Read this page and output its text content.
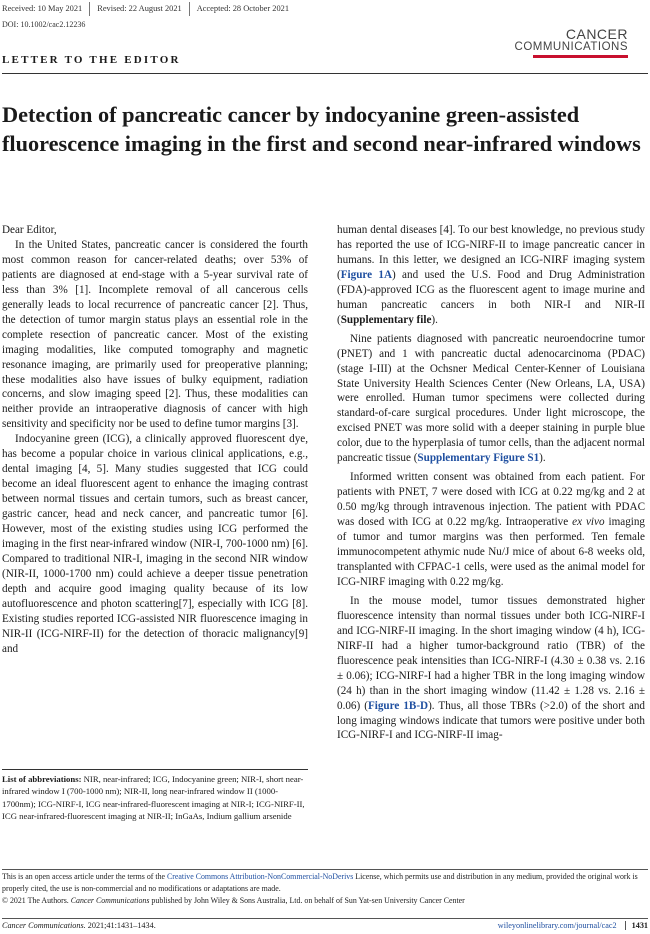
Received: 10 May 2021	Revised: 22 August 2021	Accepted: 28 October 2021
DOI: 10.1002/cac2.12236
CANCER
COMMUNICATIONS
LETTER TO THE EDITOR
Detection of pancreatic cancer by indocyanine green-assisted fluorescence imaging in the first and second near-infrared windows

Dear Editor,

In the United States, pancreatic cancer is considered the fourth most common reason for cancer-related deaths; over 53% of patients are diagnosed at end-stage with a 5-year survival rate of less than 3% [1]. Incomplete removal of all cancerous cells generally leads to local recurrence of pancreatic cancer [2]. Thus, the detection of tumor margin status plays an essential role in the complete resection of pancreatic cancer. Most of the existing imaging modalities, like computed tomography and magnetic resonance imaging, are primarily used for preoperative planning; these modalities also have issues of bulky equipment, radiation concerns, and slow imaging speed [2]. Thus, these modalities can neither provide an intraoperative diagnosis of cancer with high sensitivity and specificity nor be used to define tumor margins [3].

Indocyanine green (ICG), a clinically approved fluorescent dye, has become a popular choice in various clinical applications, e.g., dental imaging [4, 5]. Many studies suggested that ICG could become an ideal fluorescent agent to enhance the imaging contrast between normal tissues and certain tumors, such as breast cancer, gastric cancer, head and neck cancer, and pancreatic tumor [6]. However, most of the existing studies using ICG performed the imaging in the first near-infrared window (NIR-I, 700-1000 nm) [6]. Compared to traditional NIR-I, imaging in the second NIR window (NIR-II, 1000-1700 nm) could achieve a deeper tissue penetration depth and acquire good imaging quality because of its low autofluorescence and photon scattering[7], especially with ICG [8]. Existing studies reported ICG-assisted NIR fluorescence imaging in NIR-II (ICG-NIRF-II) for the detection of thoracic malignancy[9] and

List of abbreviations: NIR, near-infrared; ICG, Indocyanine green; NIR-I, short near-infrared window I (700-1000 nm); NIR-II, long near-infrared window II (1000-1700nm); ICG-NIRF-I, ICG near-infrared-fluorescent imaging at NIR-I; ICG-NIRF-II, ICG near-infrared-fluorescent imaging at NIR-II; InGaAs, Indium gallium arsenide

human dental diseases [4]. To our best knowledge, no previous study has reported the use of ICG-NIRF-II to image pancreatic cancer in humans. In this letter, we designed an ICG-NIRF imaging system (Figure 1A) and used the U.S. Food and Drug Administration (FDA)-approved ICG as the fluorescent agent to image murine and human pancreatic cancers in both NIR-I and NIR-II (Supplementary file).

Nine patients diagnosed with pancreatic neuroendocrine tumor (PNET) and 1 with pancreatic ductal adenocarcinoma (PDAC) (stage I-III) at the Ochsner Medical Center-Kenner of Louisiana State University Health Sciences Center (New Orleans, LA, USA) were enrolled. Human tumor specimens were collected during standard-of-care surgical procedures. Under light microscope, the excised PNET was more solid with a deeper staining in purple blue color, due to the hyperplasia of tumor cells, than the adjacent normal pancreatic tissue (Supplementary Figure S1).

Informed written consent was obtained from each patient. For patients with PNET, 7 were dosed with ICG at 0.22 mg/kg and 2 at 0.50 mg/kg through intravenous injection. The patient with PDAC was dosed with ICG at 0.22 mg/kg. Intraoperative ex vivo imaging of tumor and tumor margins was then performed. Ten female immunocompetent athymic nude Nu/J mice of about 6-8 weeks old, transplanted with CFPAC-1 cells, were used as the animal model for ICG-NIRF imaging with 0.22 mg/kg.

In the mouse model, tumor tissues demonstrated higher fluorescence intensity than normal tissues under both ICG-NIRF-I and ICG-NIRF-II imaging. In the short imaging window (4 h), ICG-NIRF-II had a higher tumor-background ratio (TBR) of the fluorescence peak intensities than ICG-NIRF-I (4.30 ± 0.38 vs. 2.16 ± 0.06); ICG-NIRF-I had a higher TBR in the long imaging window (24 h) than in the short imaging window (11.42 ± 1.28 vs. 2.16 ± 0.06) (Figure 1B-D). Thus, all those TBRs (>2.0) of the short and long imaging windows indicate that tumors were positive under both ICG-NIRF-I and ICG-NIRF-II imag-

This is an open access article under the terms of the Creative Commons Attribution-NonCommercial-NoDerivs License, which permits use and distribution in any medium, provided the original work is properly cited, the use is non-commercial and no modifications or adaptations are made.
© 2021 The Authors. Cancer Communications published by John Wiley & Sons Australia, Ltd. on behalf of Sun Yat-sen University Cancer Center
Cancer Communications. 2021;41:1431–1434.	wileyonlinelibrary.com/journal/cac2	1431
